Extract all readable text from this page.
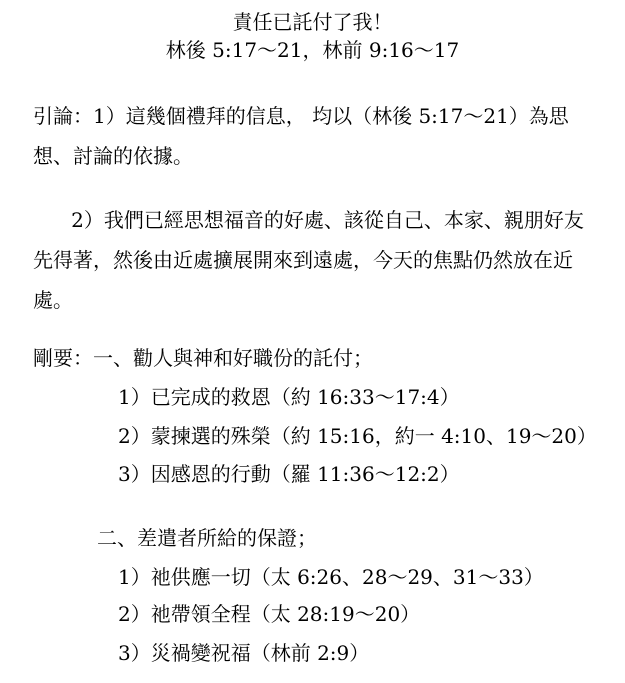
責任已託付了我！
林後 5:17～21，林前 9:16～17
引論：1）這幾個禮拜的信息， 均以（林後 5:17～21）為思想、討論的依據。
2）我們已經思想福音的好處、該從自己、本家、親朋好友先得著，然後由近處擴展開來到遠處，今天的焦點仍然放在近處。
剛要：一、勸人與神和好職份的託付；
1）已完成的救恩（約 16:33～17:4）
2）蒙揀選的殊榮（約 15:16，約一 4:10、19～20）
3）因感恩的行動（羅 11:36～12:2）
二、差遣者所給的保證；
1）祂供應一切（太 6:26、28～29、31～33）
2）祂帶領全程（太 28:19～20）
3）災禍變祝福（林前 2:9）
